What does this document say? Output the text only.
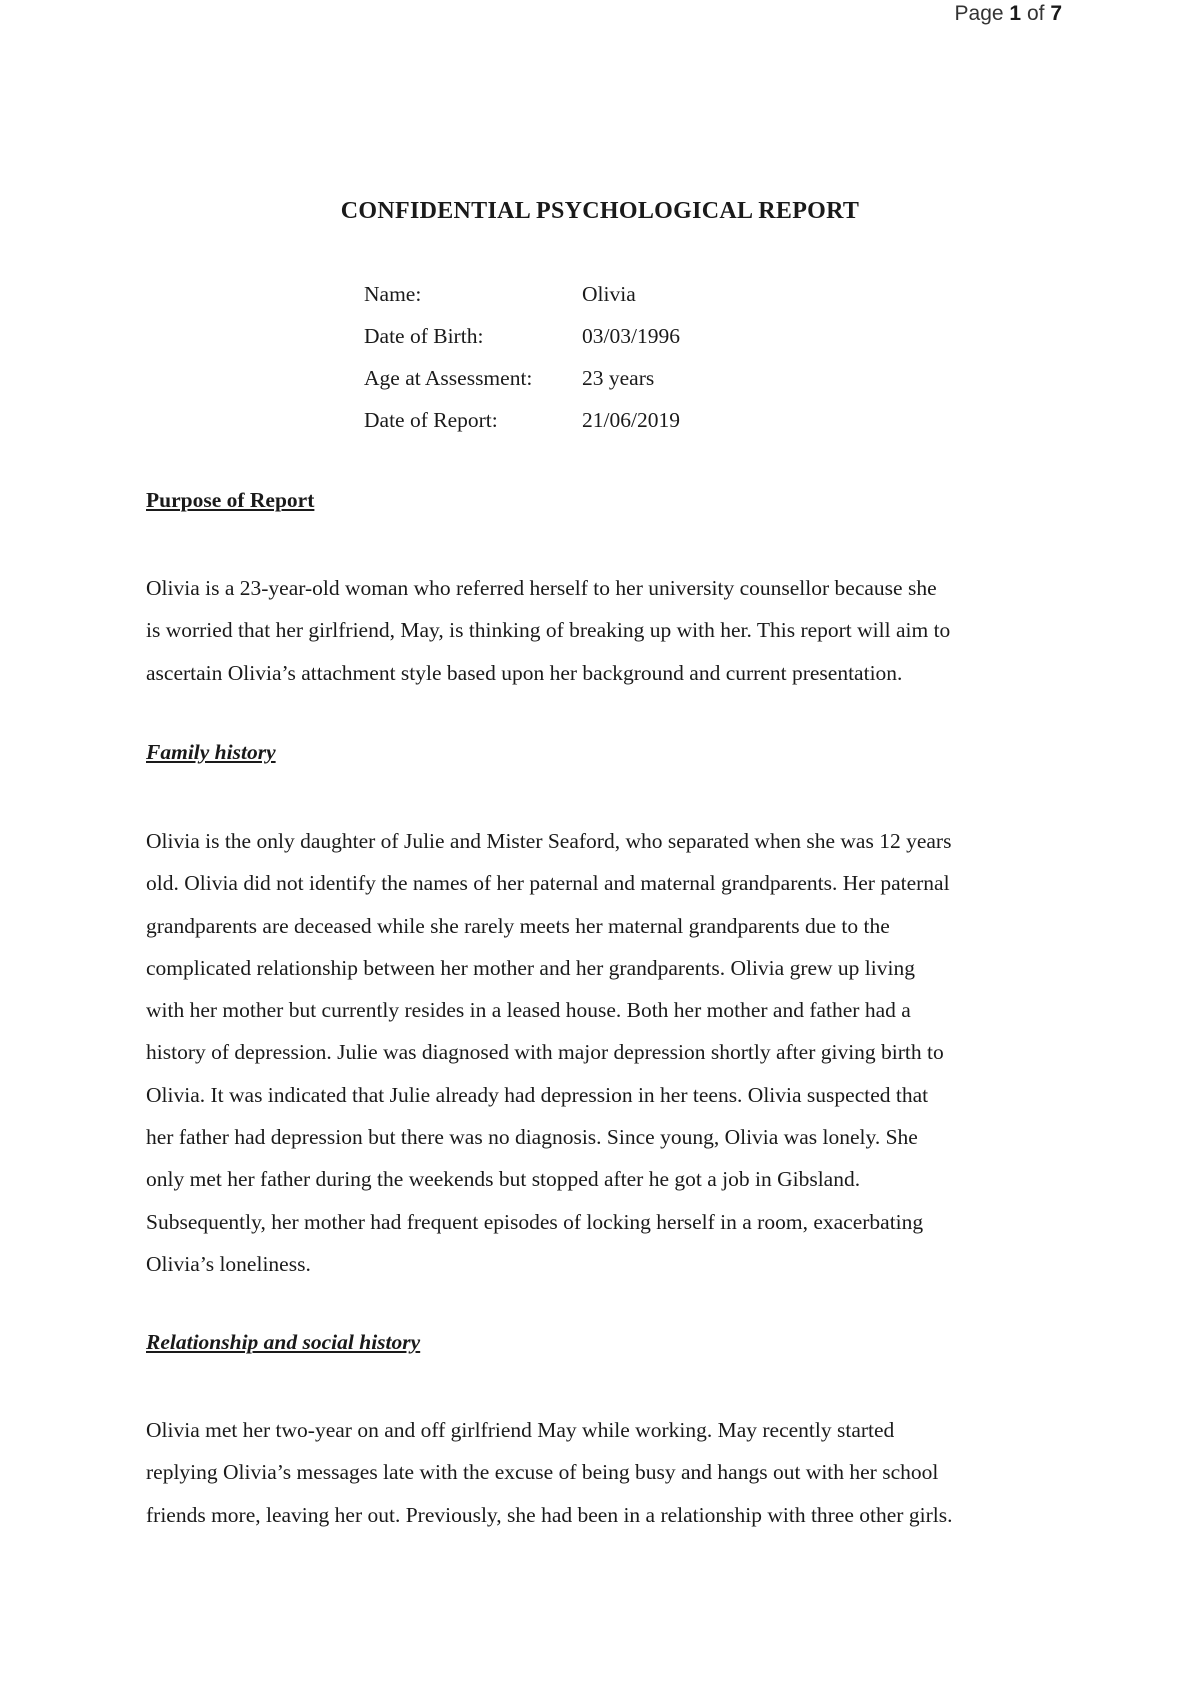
Page 1 of 7
CONFIDENTIAL PSYCHOLOGICAL REPORT
Name:	Olivia
Date of Birth:	03/03/1996
Age at Assessment: 23 years
Date of Report:	21/06/2019
Purpose of Report
Olivia is a 23-year-old woman who referred herself to her university counsellor because she
is worried that her girlfriend, May, is thinking of breaking up with her. This report will aim to
ascertain Olivia’s attachment style based upon her background and current presentation.
Family history
Olivia is the only daughter of Julie and Mister Seaford, who separated when she was 12 years
old. Olivia did not identify the names of her paternal and maternal grandparents. Her paternal
grandparents are deceased while she rarely meets her maternal grandparents due to the
complicated relationship between her mother and her grandparents. Olivia grew up living
with her mother but currently resides in a leased house. Both her mother and father had a
history of depression. Julie was diagnosed with major depression shortly after giving birth to
Olivia. It was indicated that Julie already had depression in her teens. Olivia suspected that
her father had depression but there was no diagnosis. Since young, Olivia was lonely. She
only met her father during the weekends but stopped after he got a job in Gibsland.
Subsequently, her mother had frequent episodes of locking herself in a room, exacerbating
Olivia’s loneliness.
Relationship and social history
Olivia met her two-year on and off girlfriend May while working. May recently started
replying Olivia’s messages late with the excuse of being busy and hangs out with her school
friends more, leaving her out. Previously, she had been in a relationship with three other girls.
